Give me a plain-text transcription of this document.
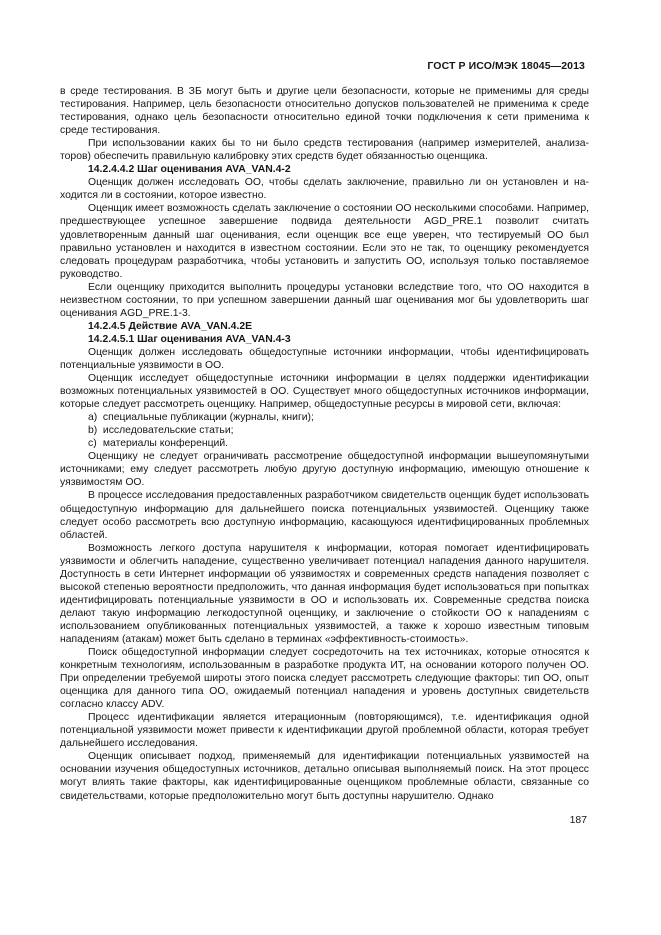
ГОСТ Р ИСО/МЭК 18045—2013

в среде тестирования. В ЗБ могут быть и другие цели безопасности, которые не применимы для среды тестирования. Например, цель безопасности относительно допусков пользователей не применима к среде тестирования, однако цель безопасности относительно единой точки подключения к сети применима к среде тестирования.

При использовании каких бы то ни было средств тестирования (например измерителей, анализаторов) обеспечить правильную калибровку этих средств будет обязанностью оценщика.

14.2.4.4.2 Шаг оценивания AVA_VAN.4-2

Оценщик должен исследовать ОО, чтобы сделать заключение, правильно ли он установлен и находится ли в состоянии, которое известно.

Оценщик имеет возможность сделать заключение о состоянии ОО несколькими способами. Например, предшествующее успешное завершение подвида деятельности AGD_PRE.1 позволит считать удовлетворенным данный шаг оценивания, если оценщик все еще уверен, что тестируемый ОО был правильно установлен и находится в известном состоянии. Если это не так, то оценщику рекомендуется следовать процедурам разработчика, чтобы установить и запустить ОО, используя только поставляемое руководство.

Если оценщику приходится выполнить процедуры установки вследствие того, что ОО находится в неизвестном состоянии, то при успешном завершении данный шаг оценивания мог бы удовлетворить шаг оценивания AGD_PRE.1-3.

14.2.4.5 Действие AVA_VAN.4.2E

14.2.4.5.1 Шаг оценивания AVA_VAN.4-3

Оценщик должен исследовать общедоступные источники информации, чтобы идентифицировать потенциальные уязвимости в ОО.

Оценщик исследует общедоступные источники информации в целях поддержки идентификации возможных потенциальных уязвимостей в ОО. Существует много общедоступных источников информации, которые следует рассмотреть оценщику. Например, общедоступные ресурсы в мировой сети, включая:

a) специальные публикации (журналы, книги);

b) исследовательские статьи;

c) материалы конференций.

Оценщику не следует ограничивать рассмотрение общедоступной информации вышеупомянутыми источниками; ему следует рассмотреть любую другую доступную информацию, имеющую отношение к уязвимостям ОО.

В процессе исследования предоставленных разработчиком свидетельств оценщик будет использовать общедоступную информацию для дальнейшего поиска потенциальных уязвимостей. Оценщику также следует особо рассмотреть всю доступную информацию, касающуюся идентифицированных проблемных областей.

Возможность легкого доступа нарушителя к информации, которая помогает идентифицировать уязвимости и облегчить нападение, существенно увеличивает потенциал нападения данного нарушителя. Доступность в сети Интернет информации об уязвимостях и современных средств нападения позволяет с высокой степенью вероятности предположить, что данная информация будет использоваться при попытках идентифицировать потенциальные уязвимости в ОО и использовать их. Современные средства поиска делают такую информацию легкодоступной оценщику, и заключение о стойкости ОО к нападениям с использованием опубликованных потенциальных уязвимостей, а также к хорошо известным типовым нападениям (атакам) может быть сделано в терминах «эффективность-стоимость».

Поиск общедоступной информации следует сосредоточить на тех источниках, которые относятся к конкретным технологиям, использованным в разработке продукта ИТ, на основании которого получен ОО. При определении требуемой широты этого поиска следует рассмотреть следующие факторы: тип ОО, опыт оценщика для данного типа ОО, ожидаемый потенциал нападения и уровень доступных свидетельств согласно классу ADV.

Процесс идентификации является итерационным (повторяющимся), т.е. идентификация одной потенциальной уязвимости может привести к идентификации другой проблемной области, которая требует дальнейшего исследования.

Оценщик описывает подход, применяемый для идентификации потенциальных уязвимостей на основании изучения общедоступных источников, детально описывая выполняемый поиск. На этот процесс могут влиять такие факторы, как идентифицированные оценщиком проблемные области, связанные со свидетельствами, которые предположительно могут быть доступны нарушителю. Однако

187
